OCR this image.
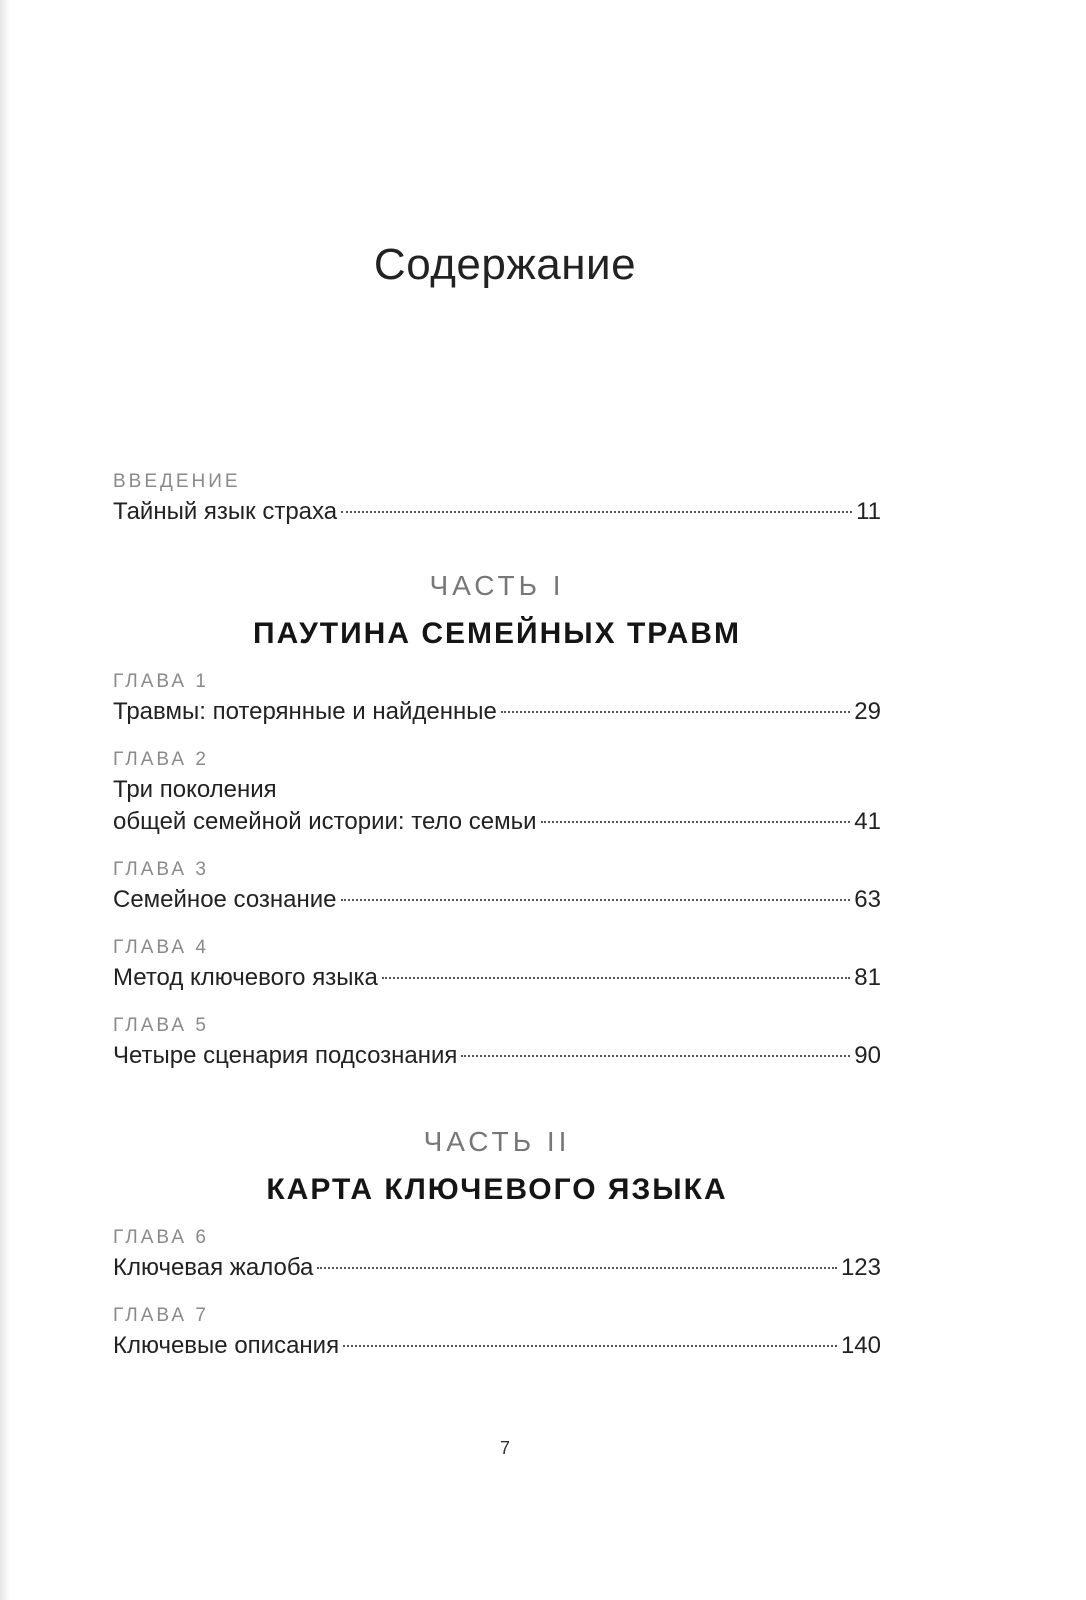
Содержание
ВВЕДЕНИЕ
Тайный язык страха	11
ЧАСТЬ I
ПАУТИНА СЕМЕЙНЫХ ТРАВМ
ГЛАВА 1
Травмы: потерянные и найденные	29
ГЛАВА 2
Три поколения
общей семейной истории: тело семьи	41
ГЛАВА 3
Семейное сознание	63
ГЛАВА 4
Метод ключевого языка	81
ГЛАВА 5
Четыре сценария подсознания	90
ЧАСТЬ II
КАРТА КЛЮЧЕВОГО ЯЗЫКА
ГЛАВА 6
Ключевая жалоба	123
ГЛАВА 7
Ключевые описания	140
7
